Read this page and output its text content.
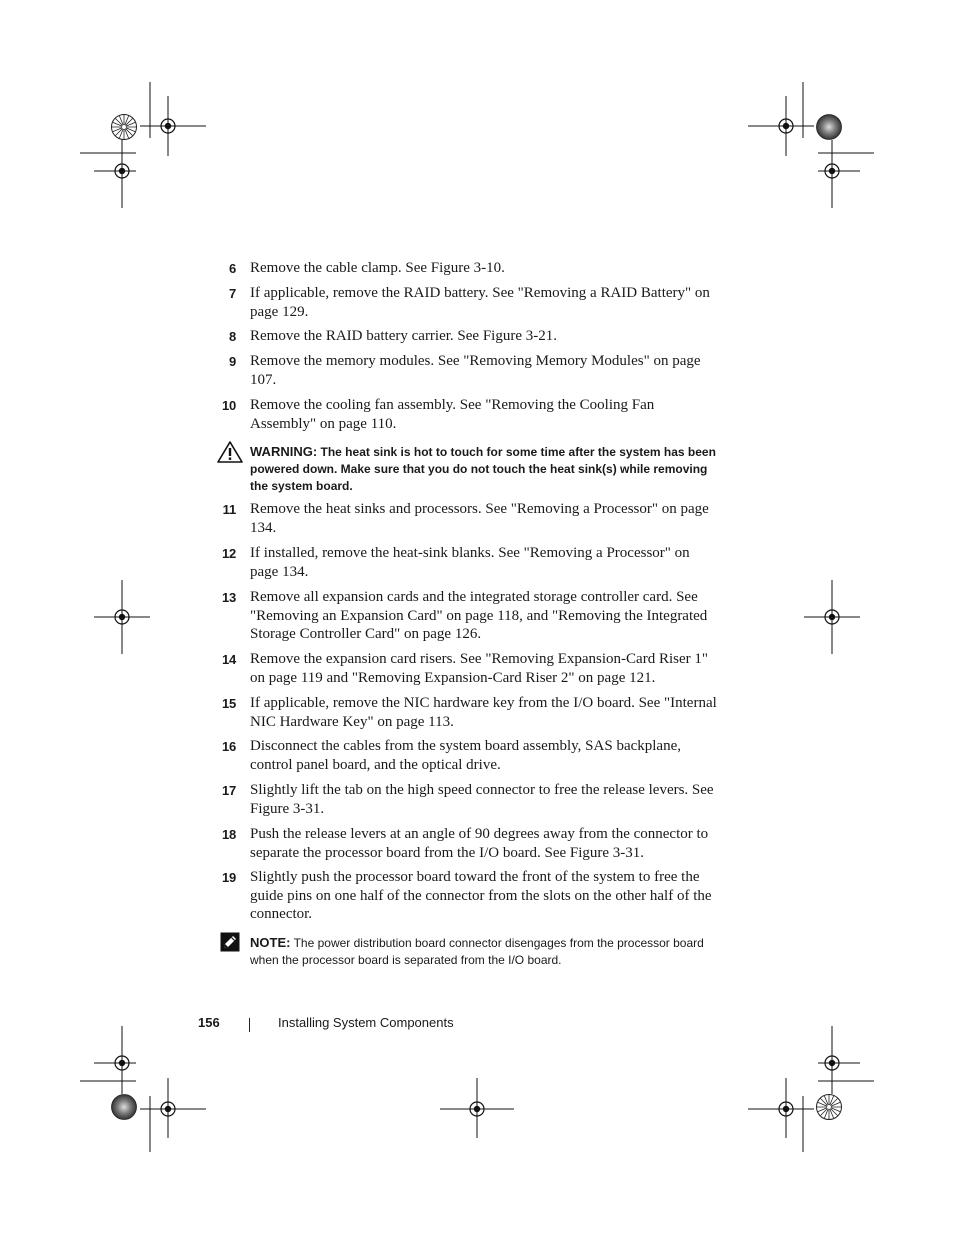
6 Remove the cable clamp. See Figure 3-10.
7 If applicable, remove the RAID battery. See "Removing a RAID Battery" on page 129.
8 Remove the RAID battery carrier. See Figure 3-21.
9 Remove the memory modules. See "Removing Memory Modules" on page 107.
10 Remove the cooling fan assembly. See "Removing the Cooling Fan Assembly" on page 110.
WARNING: The heat sink is hot to touch for some time after the system has been powered down. Make sure that you do not touch the heat sink(s) while removing the system board.
11 Remove the heat sinks and processors. See "Removing a Processor" on page 134.
12 If installed, remove the heat-sink blanks. See "Removing a Processor" on page 134.
13 Remove all expansion cards and the integrated storage controller card. See "Removing an Expansion Card" on page 118, and "Removing the Integrated Storage Controller Card" on page 126.
14 Remove the expansion card risers. See "Removing Expansion-Card Riser 1" on page 119 and "Removing Expansion-Card Riser 2" on page 121.
15 If applicable, remove the NIC hardware key from the I/O board. See "Internal NIC Hardware Key" on page 113.
16 Disconnect the cables from the system board assembly, SAS backplane, control panel board, and the optical drive.
17 Slightly lift the tab on the high speed connector to free the release levers. See Figure 3-31.
18 Push the release levers at an angle of 90 degrees away from the connector to separate the processor board from the I/O board. See Figure 3-31.
19 Slightly push the processor board toward the front of the system to free the guide pins on one half of the connector from the slots on the other half of the connector.
NOTE: The power distribution board connector disengages from the processor board when the processor board is separated from the I/O board.
156	Installing System Components
